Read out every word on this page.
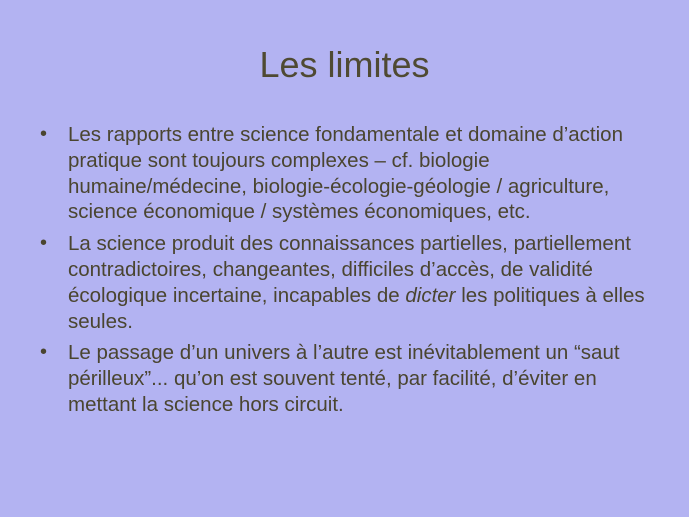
Les limites
•	Les rapports entre science fondamentale et domaine d’action pratique sont toujours complexes – cf. biologie humaine/médecine, biologie-écologie-géologie / agriculture, science économique / systèmes économiques, etc.
•	La science produit des connaissances partielles, partiellement contradictoires, changeantes, difficiles d’accès, de validité écologique incertaine, incapables de dicter les politiques à elles seules.
•	Le passage d’un univers à l’autre est inévitablement un “saut périlleux”... qu’on est souvent tenté, par facilité, d’éviter en mettant la science hors circuit.
